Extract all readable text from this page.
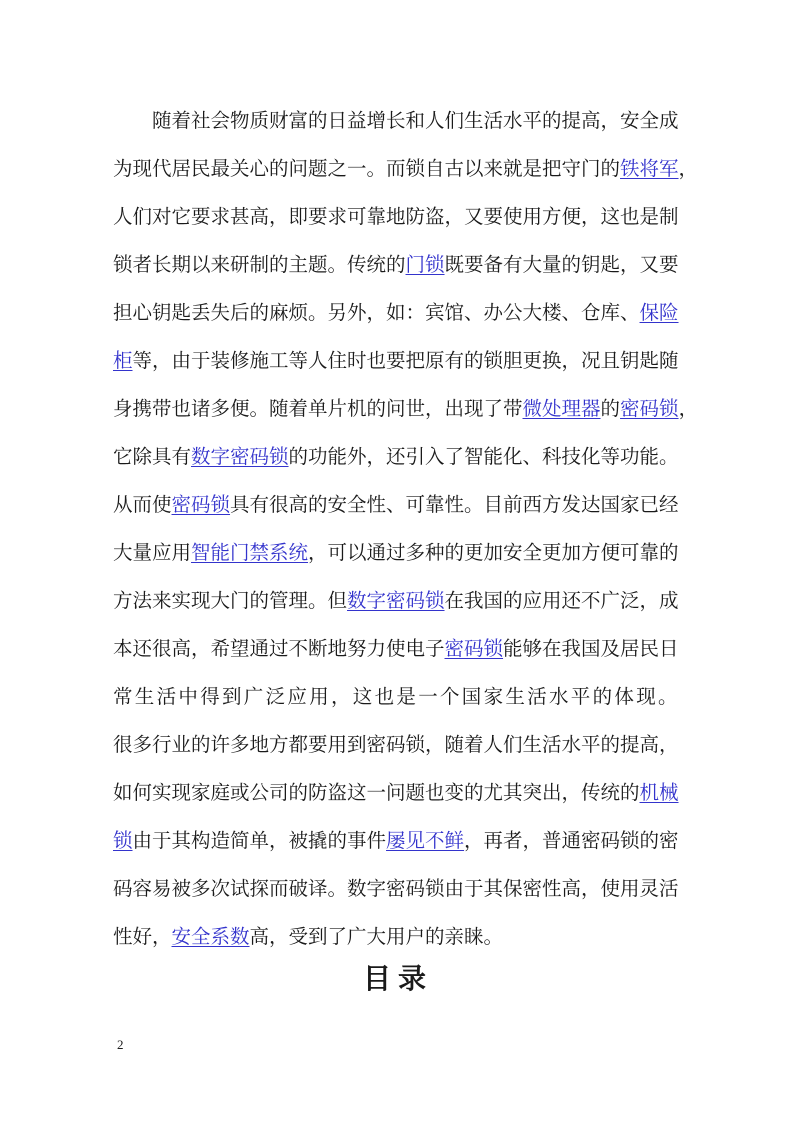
随着社会物质财富的日益增长和人们生活水平的提高，安全成
为现代居民最关心的问题之一。而锁自古以来就是把守门的铁将军，
人们对它要求甚高，即要求可靠地防盗，又要使用方便，这也是制
锁者长期以来研制的主题。传统的门锁既要备有大量的钥匙，又要
担心钥匙丢失后的麻烦。另外，如：宾馆、办公大楼、仓库、保险
柜等，由于装修施工等人住时也要把原有的锁胆更换，况且钥匙随
身携带也诸多便。随着单片机的问世，出现了带微处理器的密码锁，
它除具有数字密码锁的功能外，还引入了智能化、科技化等功能。
从而使密码锁具有很高的安全性、可靠性。目前西方发达国家已经
大量应用智能门禁系统，可以通过多种的更加安全更加方便可靠的
方法来实现大门的管理。但数字密码锁在我国的应用还不广泛，成
本还很高，希望通过不断地努力使电子密码锁能够在我国及居民日
常生活中得到广泛应用，这也是一个国家生活水平的体现。
很多行业的许多地方都要用到密码锁，随着人们生活水平的提高，
如何实现家庭或公司的防盗这一问题也变的尤其突出，传统的机械
锁由于其构造简单，被撬的事件屡见不鲜，再者，普通密码锁的密
码容易被多次试探而破译。数字密码锁由于其保密性高，使用灵活
性好，安全系数高，受到了广大用户的亲睐。
目录
2
